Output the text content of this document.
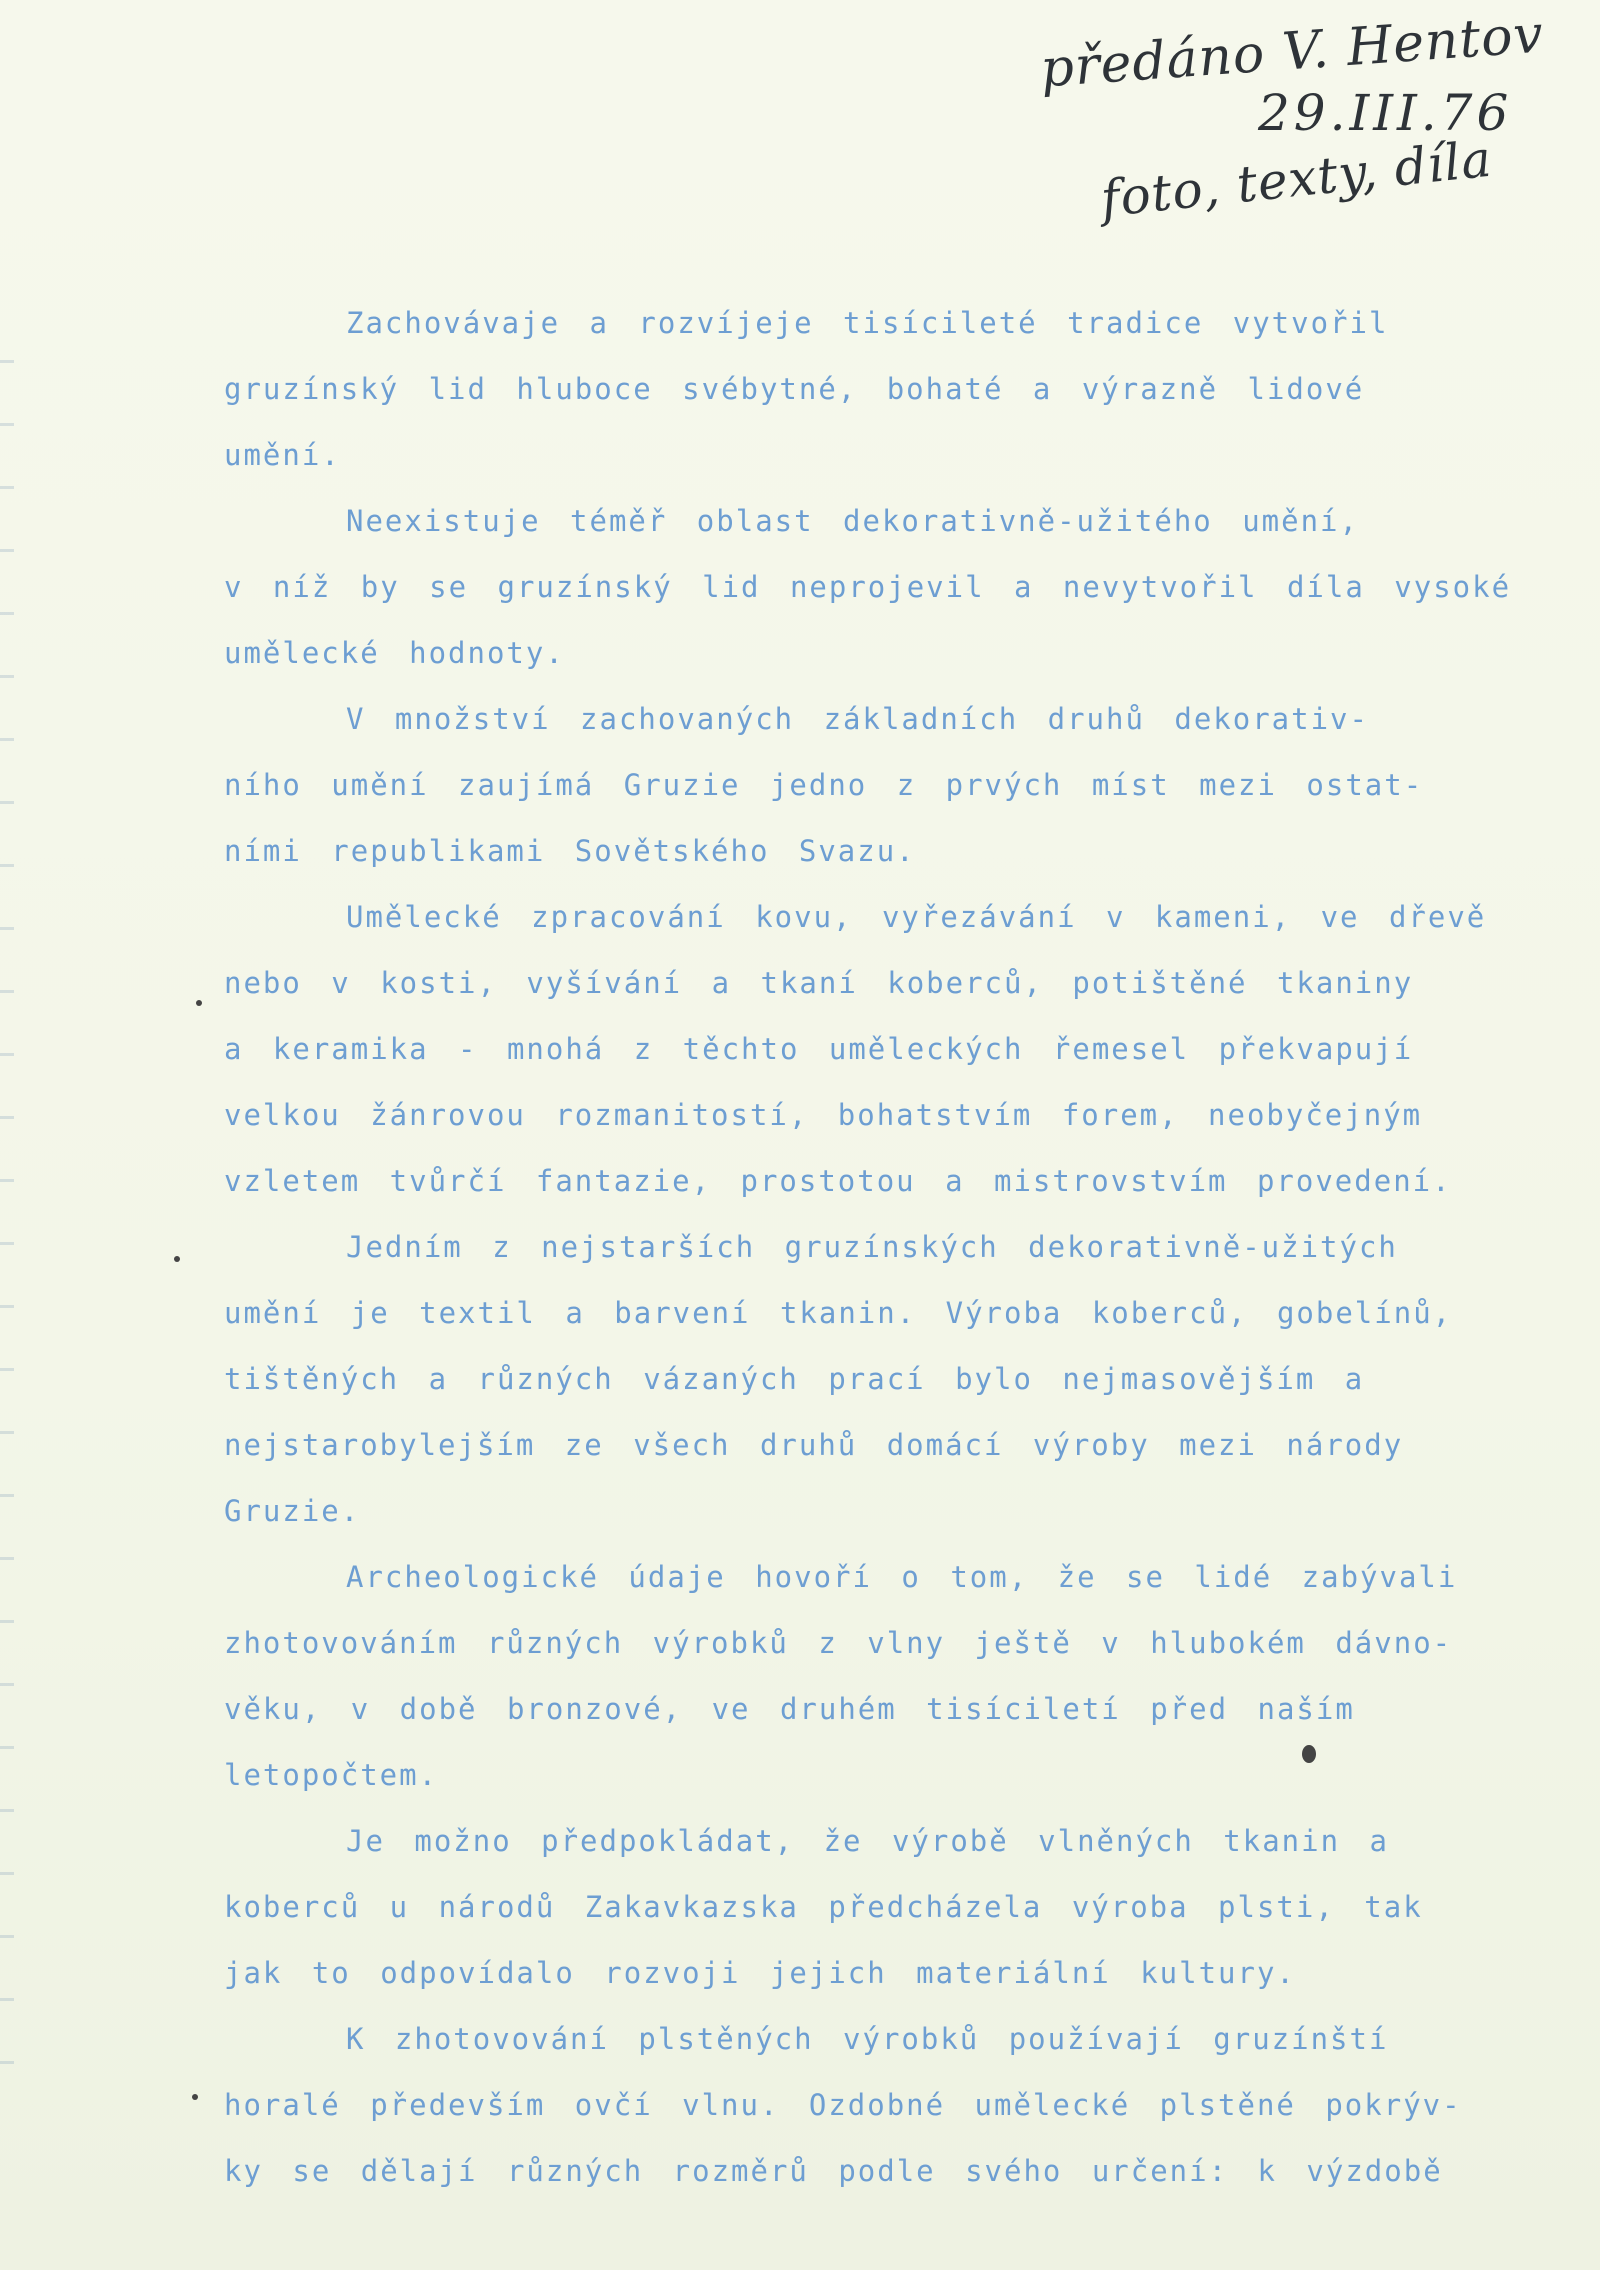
předáno V. Hentov
29.III.76
foto, texty, díla
Zachovávaje a rozvíjeje tisícileté tradice vytvořil
gruzínský lid hluboce svébytné, bohaté a výrazně lidové
umění.
Neexistuje téměř oblast dekorativně-užitého umění,
v níž by se gruzínský lid neprojevil a nevytvořil díla vysoké
umělecké hodnoty.
V množství zachovaných základních druhů dekorativ-
ního umění zaujímá Gruzie jedno z prvých míst mezi ostat-
ními republikami Sovětského Svazu.
Umělecké zpracování kovu, vyřezávání v kameni, ve dřevě
nebo v kosti, vyšívání a tkaní koberců, potištěné tkaniny
a keramika - mnohá z těchto uměleckých řemesel překvapují
velkou žánrovou rozmanitostí, bohatstvím forem, neobyčejným
vzletem tvůrčí fantazie, prostotou a mistrovstvím provedení.
Jedním z nejstarších gruzínských dekorativně-užitých
umění je textil a barvení tkanin. Výroba koberců, gobelínů,
tištěných a různých vázaných prací bylo nejmasovějším a
nejstarobylejším ze všech druhů domácí výroby mezi národy
Gruzie.
Archeologické údaje hovoří o tom, že se lidé zabývali
zhotovováním různých výrobků z vlny ještě v hlubokém dávno-
věku, v době bronzové, ve druhém tisíciletí před naším
letopočtem.
Je možno předpokládat, že výrobě vlněných tkanin a
koberců u národů Zakavkazska předcházela výroba plsti, tak
jak to odpovídalo rozvoji jejich materiální kultury.
K zhotovování plstěných výrobků používají gruzínští
horalé především ovčí vlnu. Ozdobné umělecké plstěné pokrýv-
ky se dělají různých rozměrů podle svého určení: k výzdobě
